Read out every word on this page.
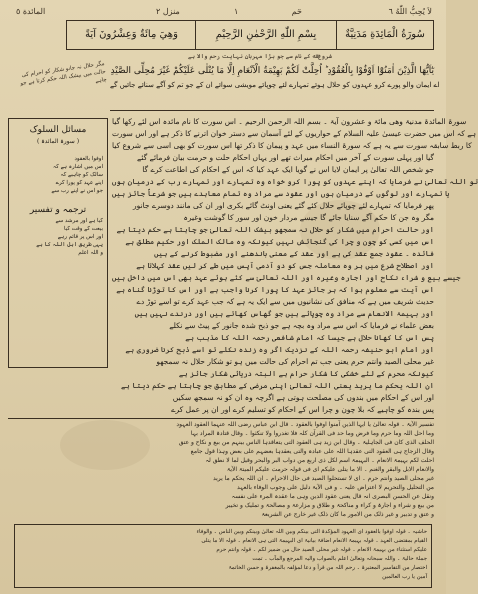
لاَ يُحِبُّ اللّٰهُ ٦
حٓم
١
منزل ٢
المائدة ٥
سُورَةُ الْمَائِدَةِ مَدَنِيَّةٌ
بِسْمِ اللّٰهِ الرَّحْمٰنِ الرَّحِيْمِ
وَهِيَ مِائَةٌ وَعِشْرُونَ آيَةً
شروع ﷲ کے نام سے جو بڑا مہربان نہایت رحم والا ہے
مگر حلال نہ جانو شکار کو احرام کی حالت میں بیشک اللہ حکم کرتا ہے جو چاہے
يٰٓاَيُّهَا الَّذِيْنَ اٰمَنُوْٓا اَوْفُوْا بِالْعُقُوْدِ ؕ اُحِلَّتْ لَكُمْ بَهِيْمَةُ الْاَنْعَامِ اِلَّا مَا يُتْلٰى عَلَيْكُمْ غَيْرَ مُحِلِّى الصَّيْدِ
اے ایمان والو پورے کرو عہدوں کو حلال ہوئے تمہارے لئے چوپائے مویشی سوائے ان کے جو تم کو آگے سنائے جائیں گے
مسائل السلوک
( سورۃ المائدۃ )
اوفوا بالعقود
اس میں اشارہ ہے کہ
سالک کو چاہیے کہ
اپنے عہد کو پورا کرے
جو اس نے اپنے رب سے
ترجمہ و تفسیر
کیا ہے اور مرشد سے
بیعت کے وقت کیا
اور اس پر قائم رہے
یہی طریق اہل اللہ کا ہے
و اللہ اعلم
سورۃ المائدۃ مدنیۃ وھی مائۃ و عشرون آیۃ ۔ بسم اللہ الرحمن الرحیم ۔ اس سورت کا نام مائدہ اس لئے رکھا گیا
ہے کہ اس میں حضرت عیسیٰ علیہ السلام کے حواریوں کے لئے آسمان سے دستر خوان اترنے کا ذکر ہے اور اس سورت
کا ربط سابقہ سورت سے یہ ہے کہ سورۃ النساء میں عہد و پیمان کا ذکر تھا اس سورت کو بھی اسی سے شروع کیا
گیا اور پہلی سورت کے آخر میں احکام میراث تھے اور یہاں احکام حلت و حرمت بیان فرمائے گئے
جو شخص اللہ تعالیٰ پر ایمان لایا اس نے گویا ایک عہد کیا کہ اس کے احکام کی اطاعت کرے گا
تو اللہ تعالیٰ نے فرمایا کہ اپنے عہدوں کو پورا کرو خواہ وہ تمہارے اور تمہارے رب کے درمیان ہوں
یا تمہارے اور لوگوں کے درمیان ہوں اور عقود سے مراد وہ تمام معاہدے ہیں جو شرعاً جائز ہیں
پھر فرمایا کہ تمہارے لئے چوپائے حلال کئے گئے یعنی اونٹ گائے بکری اور ان کی مانند دوسرے جانور
مگر وہ جن کا حکم آگے سنایا جائے گا جیسے مردار خون اور سور کا گوشت وغیرہ
اور حالت احرام میں شکار کو حلال نہ سمجھو بیشک اللہ تعالیٰ جو چاہتا ہے حکم دیتا ہے
اس میں کسی کو چون و چرا کی گنجائش نہیں کیونکہ وہ مالک الملک اور حکیم مطلق ہے
فائدہ ۔ عقود جمع عقد کی ہے اور عقد کے معنی باندھنے اور مضبوط کرنے کے ہیں
اور اصطلاح شرع میں ہر وہ معاملہ جس کو دو آدمی آپس میں طے کر لیں عقد کہلاتا ہے
جیسے بیع و شراء نکاح اور اجارہ وغیرہ اور اللہ تعالیٰ سے کئے ہوئے عہد بھی اس میں داخل ہیں
اس آیت سے معلوم ہوا کہ ہر جائز عہد کا پورا کرنا واجب ہے اور اس کا توڑنا گناہ ہے
حدیث شریف میں ہے کہ منافق کی نشانیوں میں سے ایک یہ ہے کہ جب عہد کرے تو اسے توڑ دے
اور بہیمۃ الانعام سے مراد وہ چوپائے ہیں جو گھاس کھاتے ہیں اور درندے نہیں ہیں
بعض علماء نے فرمایا کہ اس سے مراد وہ بچہ ہے جو ذبح شدہ جانور کے پیٹ سے نکلے
پس اس کا کھانا حلال ہے جیسا کہ امام شافعی رحمہ اللہ کا مذہب ہے
اور امام ابو حنیفہ رحمہ اللہ کے نزدیک اگر وہ زندہ نکلے تو اسے ذبح کرنا ضروری ہے
غیر محلی الصید وانتم حرم یعنی جب تم احرام کی حالت میں ہو تو شکار حلال نہ سمجھو
کیونکہ محرم کے لئے خشکی کا شکار حرام ہے البتہ دریائی شکار جائز ہے
ان اللہ یحکم ما یرید یعنی اللہ تعالیٰ اپنی مرضی کے مطابق جو چاہتا ہے حکم دیتا ہے
اور اس کے احکام میں بندوں کی مصلحت ہوتی ہے اگرچہ وہ ان کو نہ سمجھ سکیں
پس بندہ کو چاہیے کہ بلا چون و چرا اس کے احکام کو تسلیم کرے اور ان پر عمل کرے
تفسیر الآیۃ ۔ قولہ تعالیٰ یا ایہا الذین آمنوا اوفوا بالعقود ۔ قال ابن عباس رضی اللہ عنہما العقود العہود
وما احل اللہ وما حرم وما فرض وما حد فی القرآن کلہ فلا تغدروا ولا تنکثوا ۔ وقال قتادۃ المراد بہا
الحلف الذی کان فی الجاہلیۃ ۔ وقال ابن زید ہی العقود التی یتعاقدہا الناس بینہم من بیع و نکاح و عتق
وقال الزجاج ہی العقود التی عقدہا اللہ علی عبادہ والتی یعقدہا بعضہم علی بعض وہذا قول جامع
احلت لکم بہیمۃ الانعام ۔ البہیمۃ اسم لکل ذی اربع من دواب البر والبحر وقیل لما لا نطق لہ
والانعام الابل والبقر والغنم ۔ الا ما یتلی علیکم ای فی قولہ حرمت علیکم المیتۃ الآیۃ
غیر محلی الصید وانتم حرم ۔ ای لا تستحلوا الصید فی حال الاحرام ۔ ان اللہ یحکم ما یرید
من التحلیل والتحریم لا اعتراض علیہ ۔ و فی الآیۃ دلیل علی وجوب الوفاء بالعہد
ونقل عن الحسن البصری انہ قال یعنی عقود الدین وہی ما عقدہ المرء علی نفسہ
من بیع و شراء و اجارۃ و کراء و مناکحۃ و طلاق و مزارعۃ و مصالحۃ و تملیک و تخییر
و عتق و تدبیر و غیر ذلک من الامور ما کان ذلک غیر خارج عن الشریعۃ
حاشیہ ۔ قولہ اوفوا بالعقود ای العہود المؤکدۃ التی بینکم وبین اللہ تعالیٰ وبینکم وبین الناس ۔ والوفاء
القیام بمقتضی العہد ۔ قولہ بہیمۃ الانعام اضافۃ بیانیۃ ای البہیمۃ التی ہی الانعام ۔ قولہ الا ما یتلی
علیکم استثناء من بہیمۃ الانعام ۔ قولہ غیر محلی الصید حال من ضمیر لکم ۔ قولہ وانتم حرم
جملۃ حالیۃ ۔ واللہ سبحانہ وتعالیٰ اعلم بالصواب والیہ المرجع والمآب ۔ تمت
اختصار من التفاسیر المعتبرۃ ۔ رحم اللہ من قرأ و دعا لمؤلفہ بالمغفرۃ و حسن الخاتمۃ
آمین یا رب العالمین
